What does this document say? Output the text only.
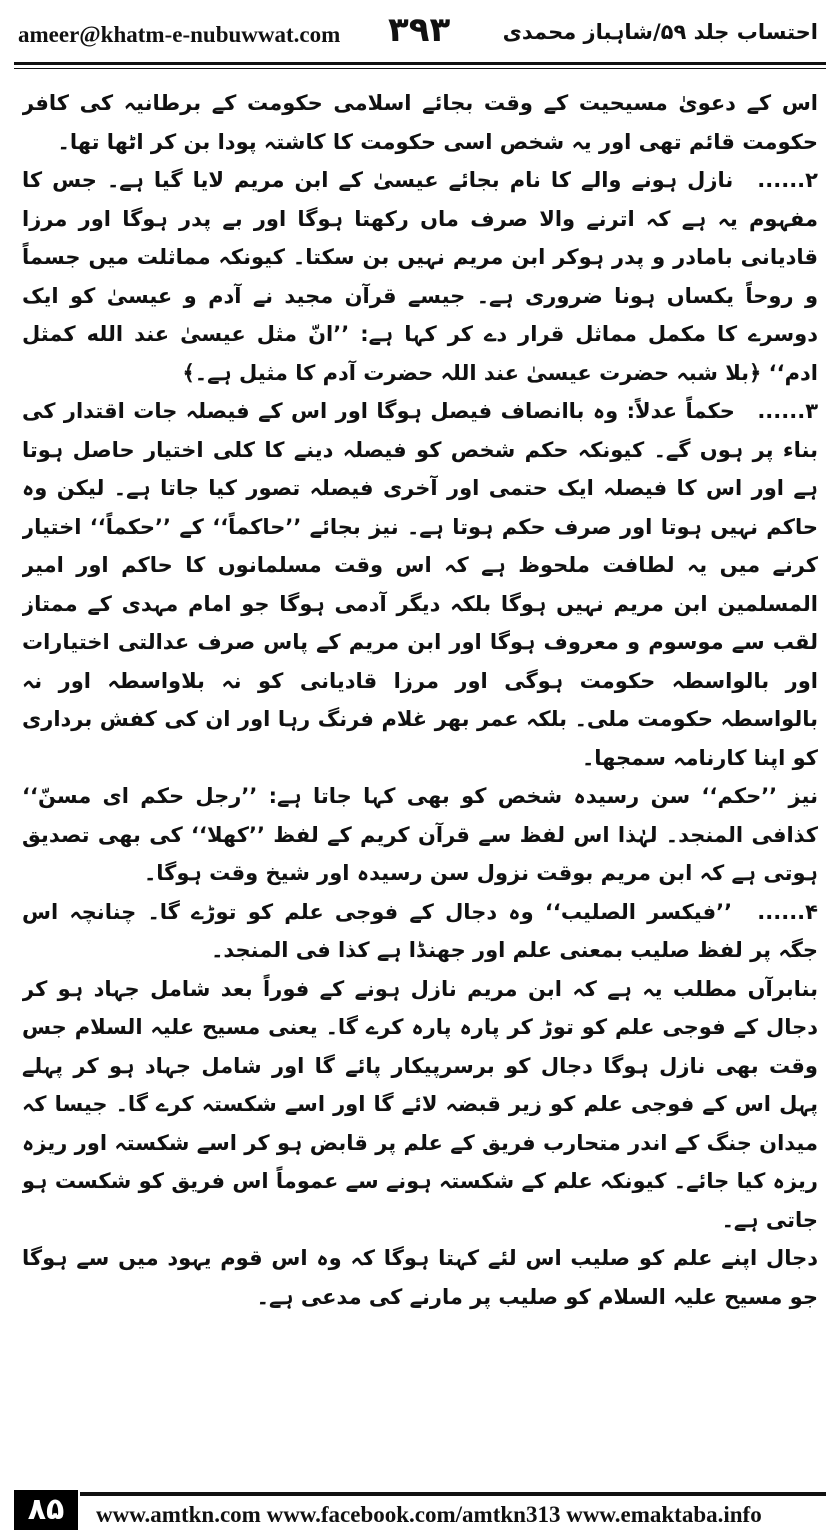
ameer@khatm-e-nubuwwat.com ۳۹۳ احتساب جلد ۵۹/شاہباز محمدی

اس کے دعویٰ مسیحیت کے وقت بجائے اسلامی حکومت کے برطانیہ کی کافر حکومت قائم تھی اور یہ شخص اسی حکومت کا کاشتہ پودا بن کر اٹھا تھا۔

۲...... نازل ہونے والے کا نام بجائے عیسیٰ کے ابن مریم لایا گیا ہے۔ جس کا مفہوم یہ ہے کہ اترنے والا صرف ماں رکھتا ہوگا اور بے پدر ہوگا اور مرزا قادیانی بامادر و پدر ہوکر ابن مریم نہیں بن سکتا۔ کیونکہ مماثلت میں جسماً و روحاً یکساں ہونا ضروری ہے۔ جیسے قرآن مجید نے آدم و عیسیٰ کو ایک دوسرے کا مکمل مماثل قرار دے کر کہا ہے: ’’انّ مثل عیسیٰ عند الله کمثل ادم‘‘ ﴿بلا شبہ حضرت عیسیٰ عند اللہ حضرت آدم کا مثیل ہے۔﴾

۳...... حکماً عدلاً: وہ باانصاف فیصل ہوگا اور اس کے فیصلہ جات اقتدار کی بناء پر ہوں گے۔ کیونکہ حکم شخص کو فیصلہ دینے کا کلی اختیار حاصل ہوتا ہے اور اس کا فیصلہ ایک حتمی اور آخری فیصلہ تصور کیا جاتا ہے۔ لیکن وہ حاکم نہیں ہوتا اور صرف حکم ہوتا ہے۔ نیز بجائے ’’حاکماً‘‘ کے ’’حکماً‘‘ اختیار کرنے میں یہ لطافت ملحوظ ہے کہ اس وقت مسلمانوں کا حاکم اور امیر المسلمین ابن مریم نہیں ہوگا بلکہ دیگر آدمی ہوگا جو امام مہدی کے ممتاز لقب سے موسوم و معروف ہوگا اور ابن مریم کے پاس صرف عدالتی اختیارات اور بالواسطہ حکومت ہوگی اور مرزا قادیانی کو نہ بلاواسطہ اور نہ بالواسطہ حکومت ملی۔ بلکہ عمر بھر غلام فرنگ رہا اور ان کی کفش برداری کو اپنا کارنامہ سمجھا۔

نیز ’’حکم‘‘ سن رسیدہ شخص کو بھی کہا جاتا ہے: ’’رجل حکم ای مسنّ‘‘ کذافی المنجد۔ لہٰذا اس لفظ سے قرآن کریم کے لفظ ’’کھلا‘‘ کی بھی تصدیق ہوتی ہے کہ ابن مریم بوقت نزول سن رسیدہ اور شیخ وقت ہوگا۔

۴...... ’’فیکسر الصلیب‘‘ وہ دجال کے فوجی علم کو توڑے گا۔ چنانچہ اس جگہ پر لفظ صلیب بمعنی علم اور جھنڈا ہے کذا فی المنجد۔

بنابرآں مطلب یہ ہے کہ ابن مریم نازل ہونے کے فوراً بعد شامل جہاد ہو کر دجال کے فوجی علم کو توڑ کر پارہ پارہ کرے گا۔ یعنی مسیح علیہ السلام جس وقت بھی نازل ہوگا دجال کو برسرپیکار پائے گا اور شامل جہاد ہو کر پہلے پہل اس کے فوجی علم کو زیر قبضہ لائے گا اور اسے شکستہ کرے گا۔ جیسا کہ میدان جنگ کے اندر متحارب فریق کے علم پر قابض ہو کر اسے شکستہ اور ریزہ ریزہ کیا جائے۔ کیونکہ علم کے شکستہ ہونے سے عموماً اس فریق کو شکست ہو جاتی ہے۔

دجال اپنے علم کو صلیب اس لئے کہتا ہوگا کہ وہ اس قوم یہود میں سے ہوگا جو مسیح علیہ السلام کو صلیب پر مارنے کی مدعی ہے۔

۸۵	www.amtkn.com www.facebook.com/amtkn313 www.emaktaba.info
